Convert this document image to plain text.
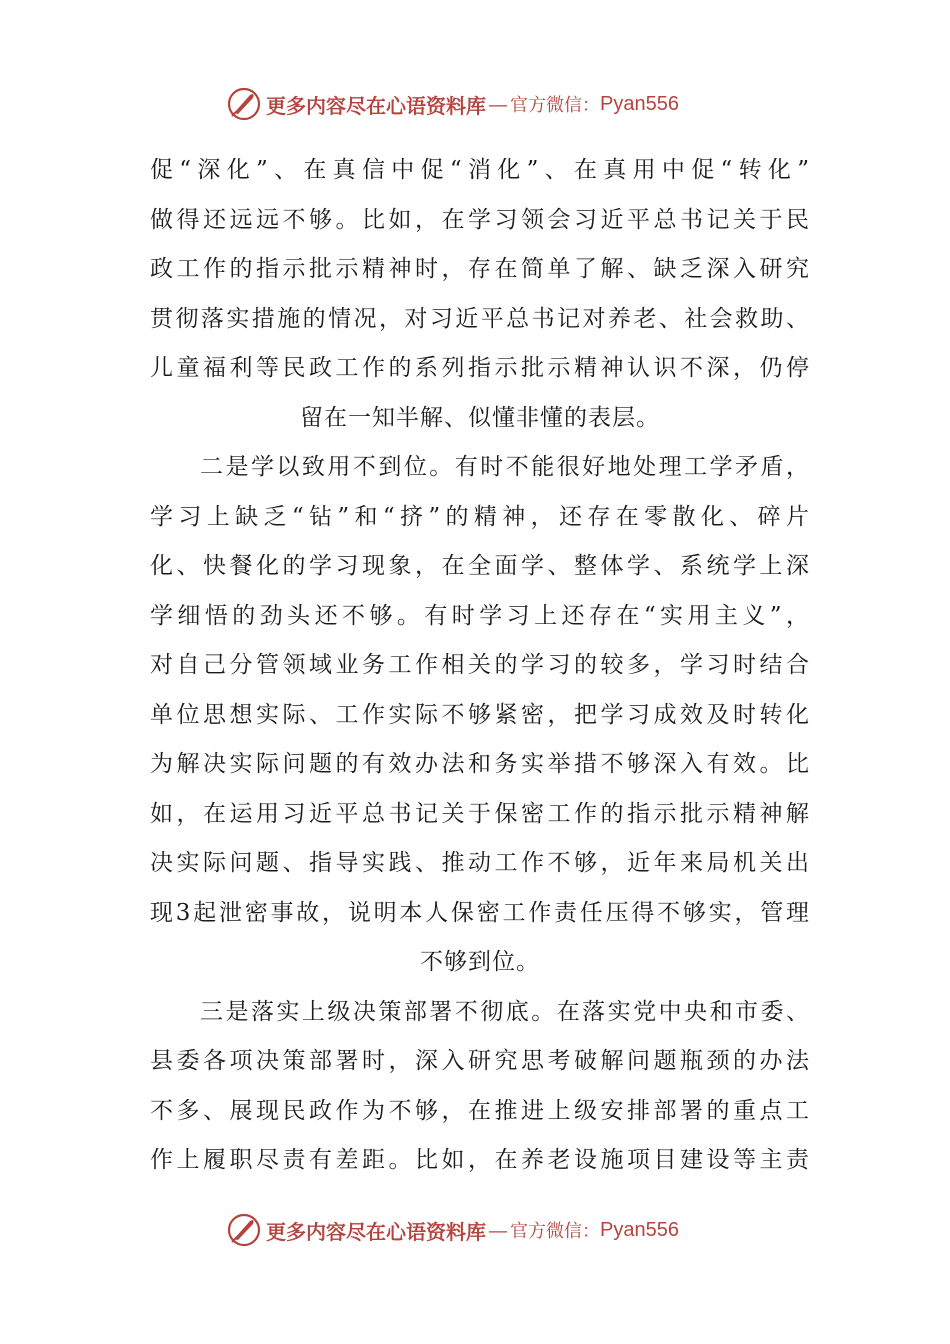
更多内容尽在心语资料库 — 官方微信： Pyan556
促“深化”、在真信中促“消化”、在真用中促“转化”
做得还远远不够。比如，在学习领会习近平总书记关于民
政工作的指示批示精神时，存在简单了解、缺乏深入研究
贯彻落实措施的情况，对习近平总书记对养老、社会救助、
儿童福利等民政工作的系列指示批示精神认识不深，仍停
留在一知半解、似懂非懂的表层。
二是学以致用不到位。有时不能很好地处理工学矛盾，
学习上缺乏“钻”和“挤”的精神，还存在零散化、碎片
化、快餐化的学习现象，在全面学、整体学、系统学上深
学细悟的劲头还不够。有时学习上还存在“实用主义”，
对自己分管领域业务工作相关的学习的较多，学习时结合
单位思想实际、工作实际不够紧密，把学习成效及时转化
为解决实际问题的有效办法和务实举措不够深入有效。比
如，在运用习近平总书记关于保密工作的指示批示精神解
决实际问题、指导实践、推动工作不够，近年来局机关出
现3起泄密事故，说明本人保密工作责任压得不够实，管理
不够到位。
三是落实上级决策部署不彻底。在落实党中央和市委、
县委各项决策部署时，深入研究思考破解问题瓶颈的办法
不多、展现民政作为不够，在推进上级安排部署的重点工
作上履职尽责有差距。比如，在养老设施项目建设等主责
更多内容尽在心语资料库 — 官方微信： Pyan556
